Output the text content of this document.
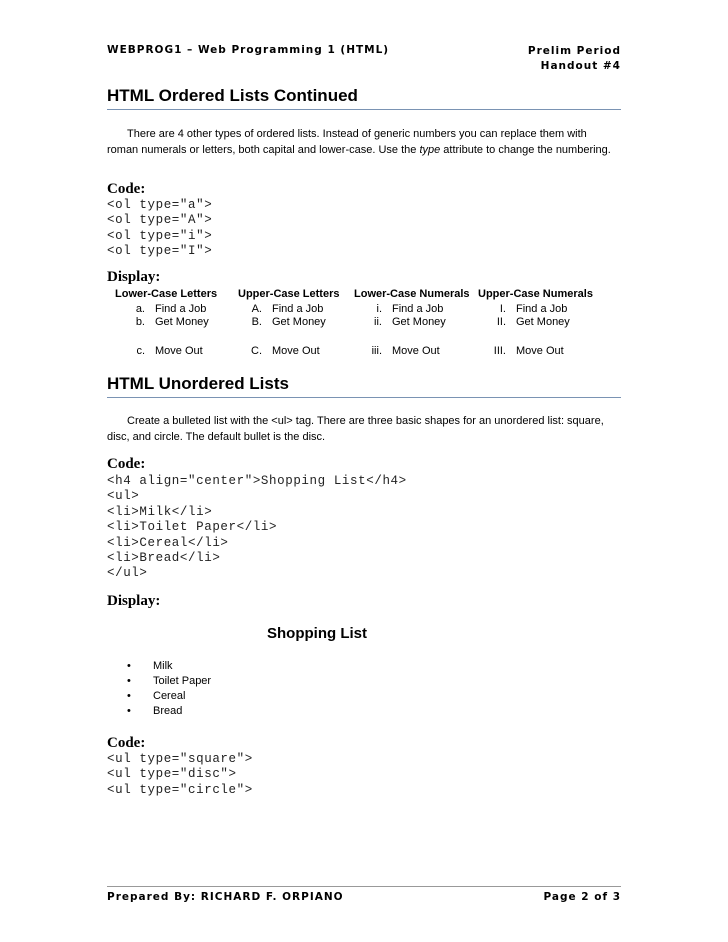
WEBPROG1 – Web Programming 1 (HTML)	Prelim Period
Handout #4
HTML Ordered Lists Continued
There are 4 other types of ordered lists. Instead of generic numbers you can replace them with roman numerals or letters, both capital and lower-case. Use the type attribute to change the numbering.
Code:
<ol type="a">
<ol type="A">
<ol type="i">
<ol type="I">
Display:
Lower-Case Letters
a. Find a Job
b. Get Money
c. Move Out
Upper-Case Letters
A. Find a Job
B. Get Money
C. Move Out
Lower-Case Numerals
i. Find a Job
ii. Get Money
iii. Move Out
Upper-Case Numerals
I. Find a Job
II. Get Money
III. Move Out
HTML Unordered Lists
Create a bulleted list with the <ul> tag. There are three basic shapes for an unordered list: square, disc, and circle. The default bullet is the disc.
Code:
<h4 align="center">Shopping List</h4>
<ul>
<li>Milk</li>
<li>Toilet Paper</li>
<li>Cereal</li>
<li>Bread</li>
</ul>
Display:
Shopping List
• Milk
• Toilet Paper
• Cereal
• Bread
Code:
<ul type="square">
<ul type="disc">
<ul type="circle">
Prepared By: RICHARD F. ORPIANO	Page 2 of 3
